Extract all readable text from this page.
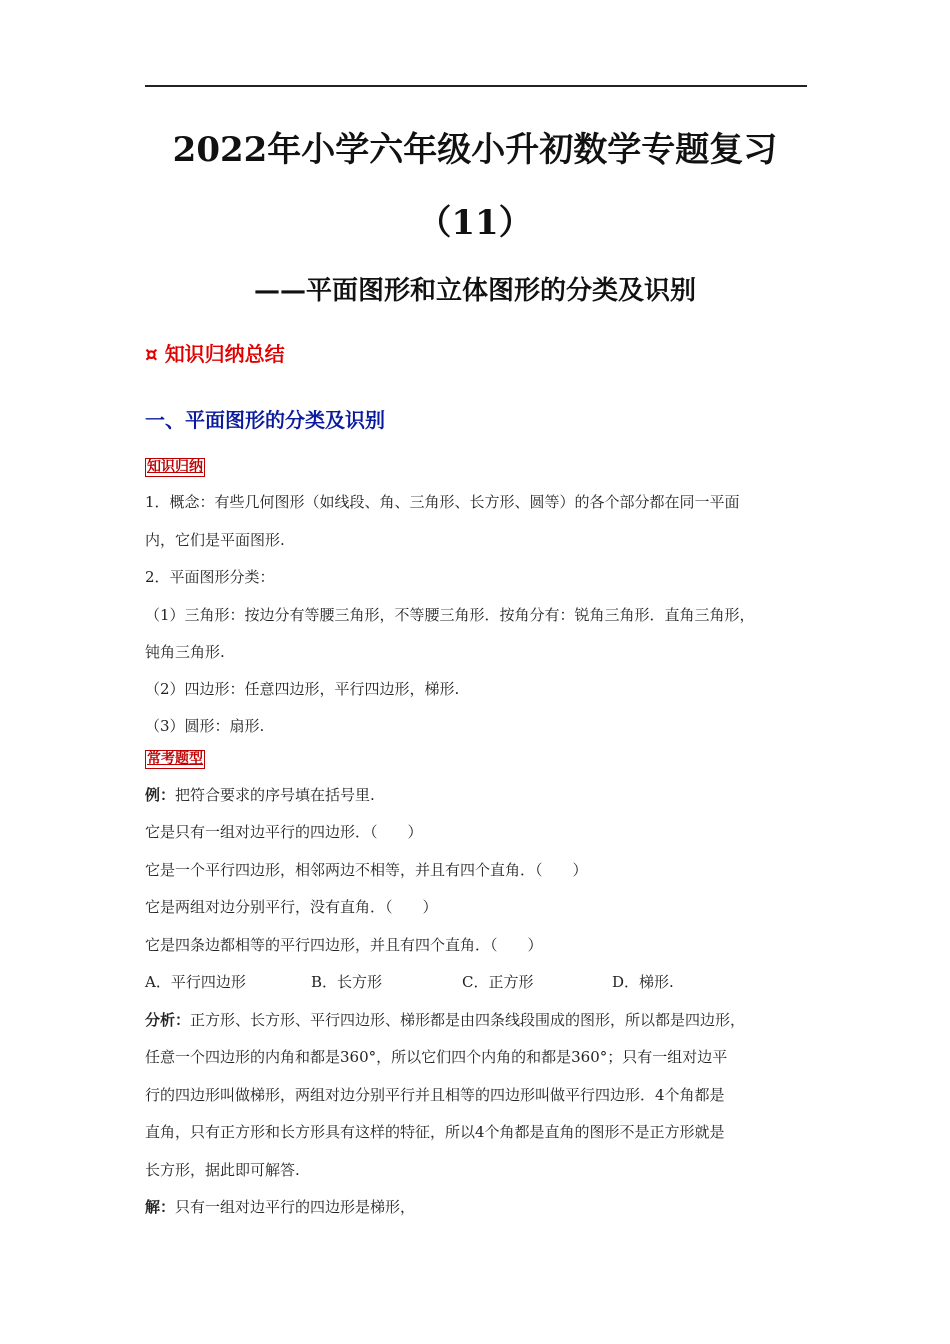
2022年小学六年级小升初数学专题复习
（11）
——平面图形和立体图形的分类及识别
¤ 知识归纳总结
一、平面图形的分类及识别
知识归纳
1．概念：有些几何图形（如线段、角、三角形、长方形、圆等）的各个部分都在同一平面
内，它们是平面图形.
2．平面图形分类：
（1）三角形：按边分有等腰三角形，不等腰三角形．按角分有：锐角三角形．直角三角形，
钝角三角形.
（2）四边形：任意四边形，平行四边形，梯形.
（3）圆形：扇形.
常考题型
例：把符合要求的序号填在括号里.
它是只有一组对边平行的四边形．（　　）
它是一个平行四边形，相邻两边不相等，并且有四个直角．（　　）
它是两组对边分别平行，没有直角．（　　）
它是四条边都相等的平行四边形，并且有四个直角．（　　）
A．平行四边形	B．长方形	C．正方形	D．梯形.
分析：正方形、长方形、平行四边形、梯形都是由四条线段围成的图形，所以都是四边形，
任意一个四边形的内角和都是360°，所以它们四个内角的和都是360°；只有一组对边平
行的四边形叫做梯形，两组对边分别平行并且相等的四边形叫做平行四边形．4个角都是
直角，只有正方形和长方形具有这样的特征，所以4个角都是直角的图形不是正方形就是
长方形，据此即可解答.
解：只有一组对边平行的四边形是梯形，
